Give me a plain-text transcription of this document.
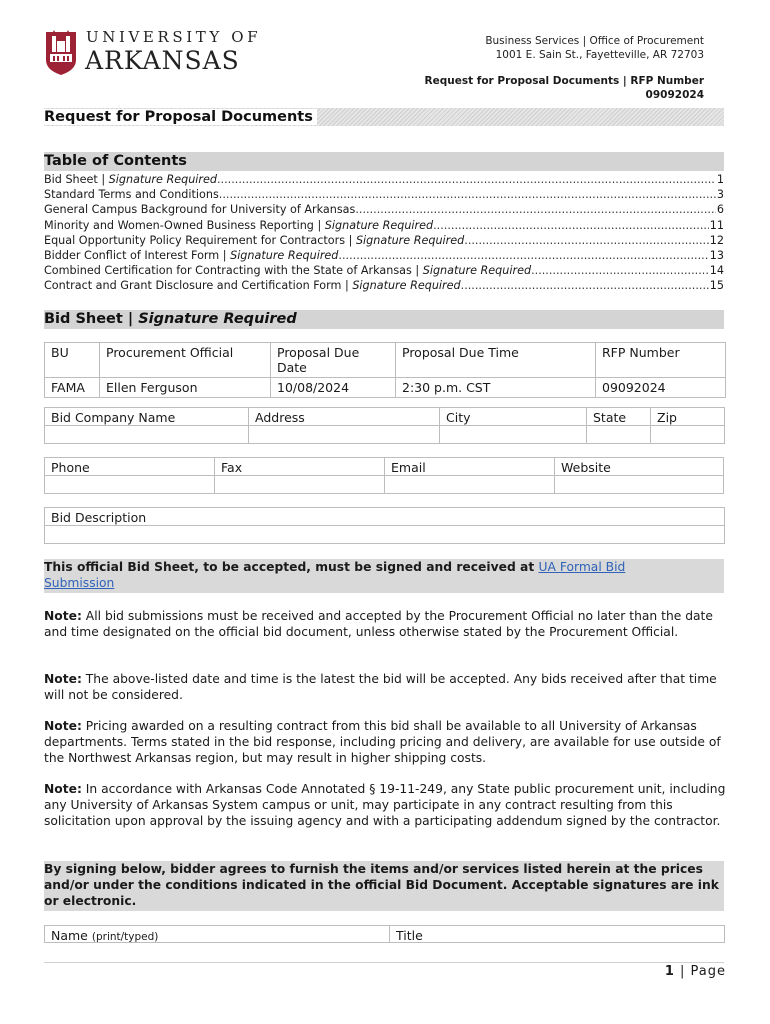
UNIVERSITY OF
ARKANSAS
Business Services | Office of Procurement
1001 E. Sain St., Fayetteville, AR 72703
Request for Proposal Documents | RFP Number
09092024
Request for Proposal Documents
Table of Contents
Bid Sheet | Signature Required .....	1
Standard Terms and Conditions .....	3
General Campus Background for University of Arkansas .....	6
Minority and Women-Owned Business Reporting | Signature Required .....	11
Equal Opportunity Policy Requirement for Contractors | Signature Required .....	12
Bidder Conflict of Interest Form | Signature Required .....	13
Combined Certification for Contracting with the State of Arkansas | Signature Required .....	14
Contract and Grant Disclosure and Certification Form | Signature Required .....	15
Bid Sheet | Signature Required
BU	Procurement Official	Proposal Due Date	Proposal Due Time	RFP Number
FAMA	Ellen Ferguson	10/08/2024	2:30 p.m. CST	09092024
Bid Company Name	Address	City	State	Zip
Phone	Fax	Email	Website
Bid Description
This official Bid Sheet, to be accepted, must be signed and received at UA Formal Bid Submission
Note: All bid submissions must be received and accepted by the Procurement Official no later than the date and time designated on the official bid document, unless otherwise stated by the Procurement Official.
Note: The above-listed date and time is the latest the bid will be accepted. Any bids received after that time will not be considered.
Note: Pricing awarded on a resulting contract from this bid shall be available to all University of Arkansas departments. Terms stated in the bid response, including pricing and delivery, are available for use outside of the Northwest Arkansas region, but may result in higher shipping costs.
Note: In accordance with Arkansas Code Annotated § 19-11-249, any State public procurement unit, including any University of Arkansas System campus or unit, may participate in any contract resulting from this solicitation upon approval by the issuing agency and with a participating addendum signed by the contractor.
By signing below, bidder agrees to furnish the items and/or services listed herein at the prices and/or under the conditions indicated in the official Bid Document. Acceptable signatures are ink or electronic.
Name (print/typed)	Title
1 | Page
